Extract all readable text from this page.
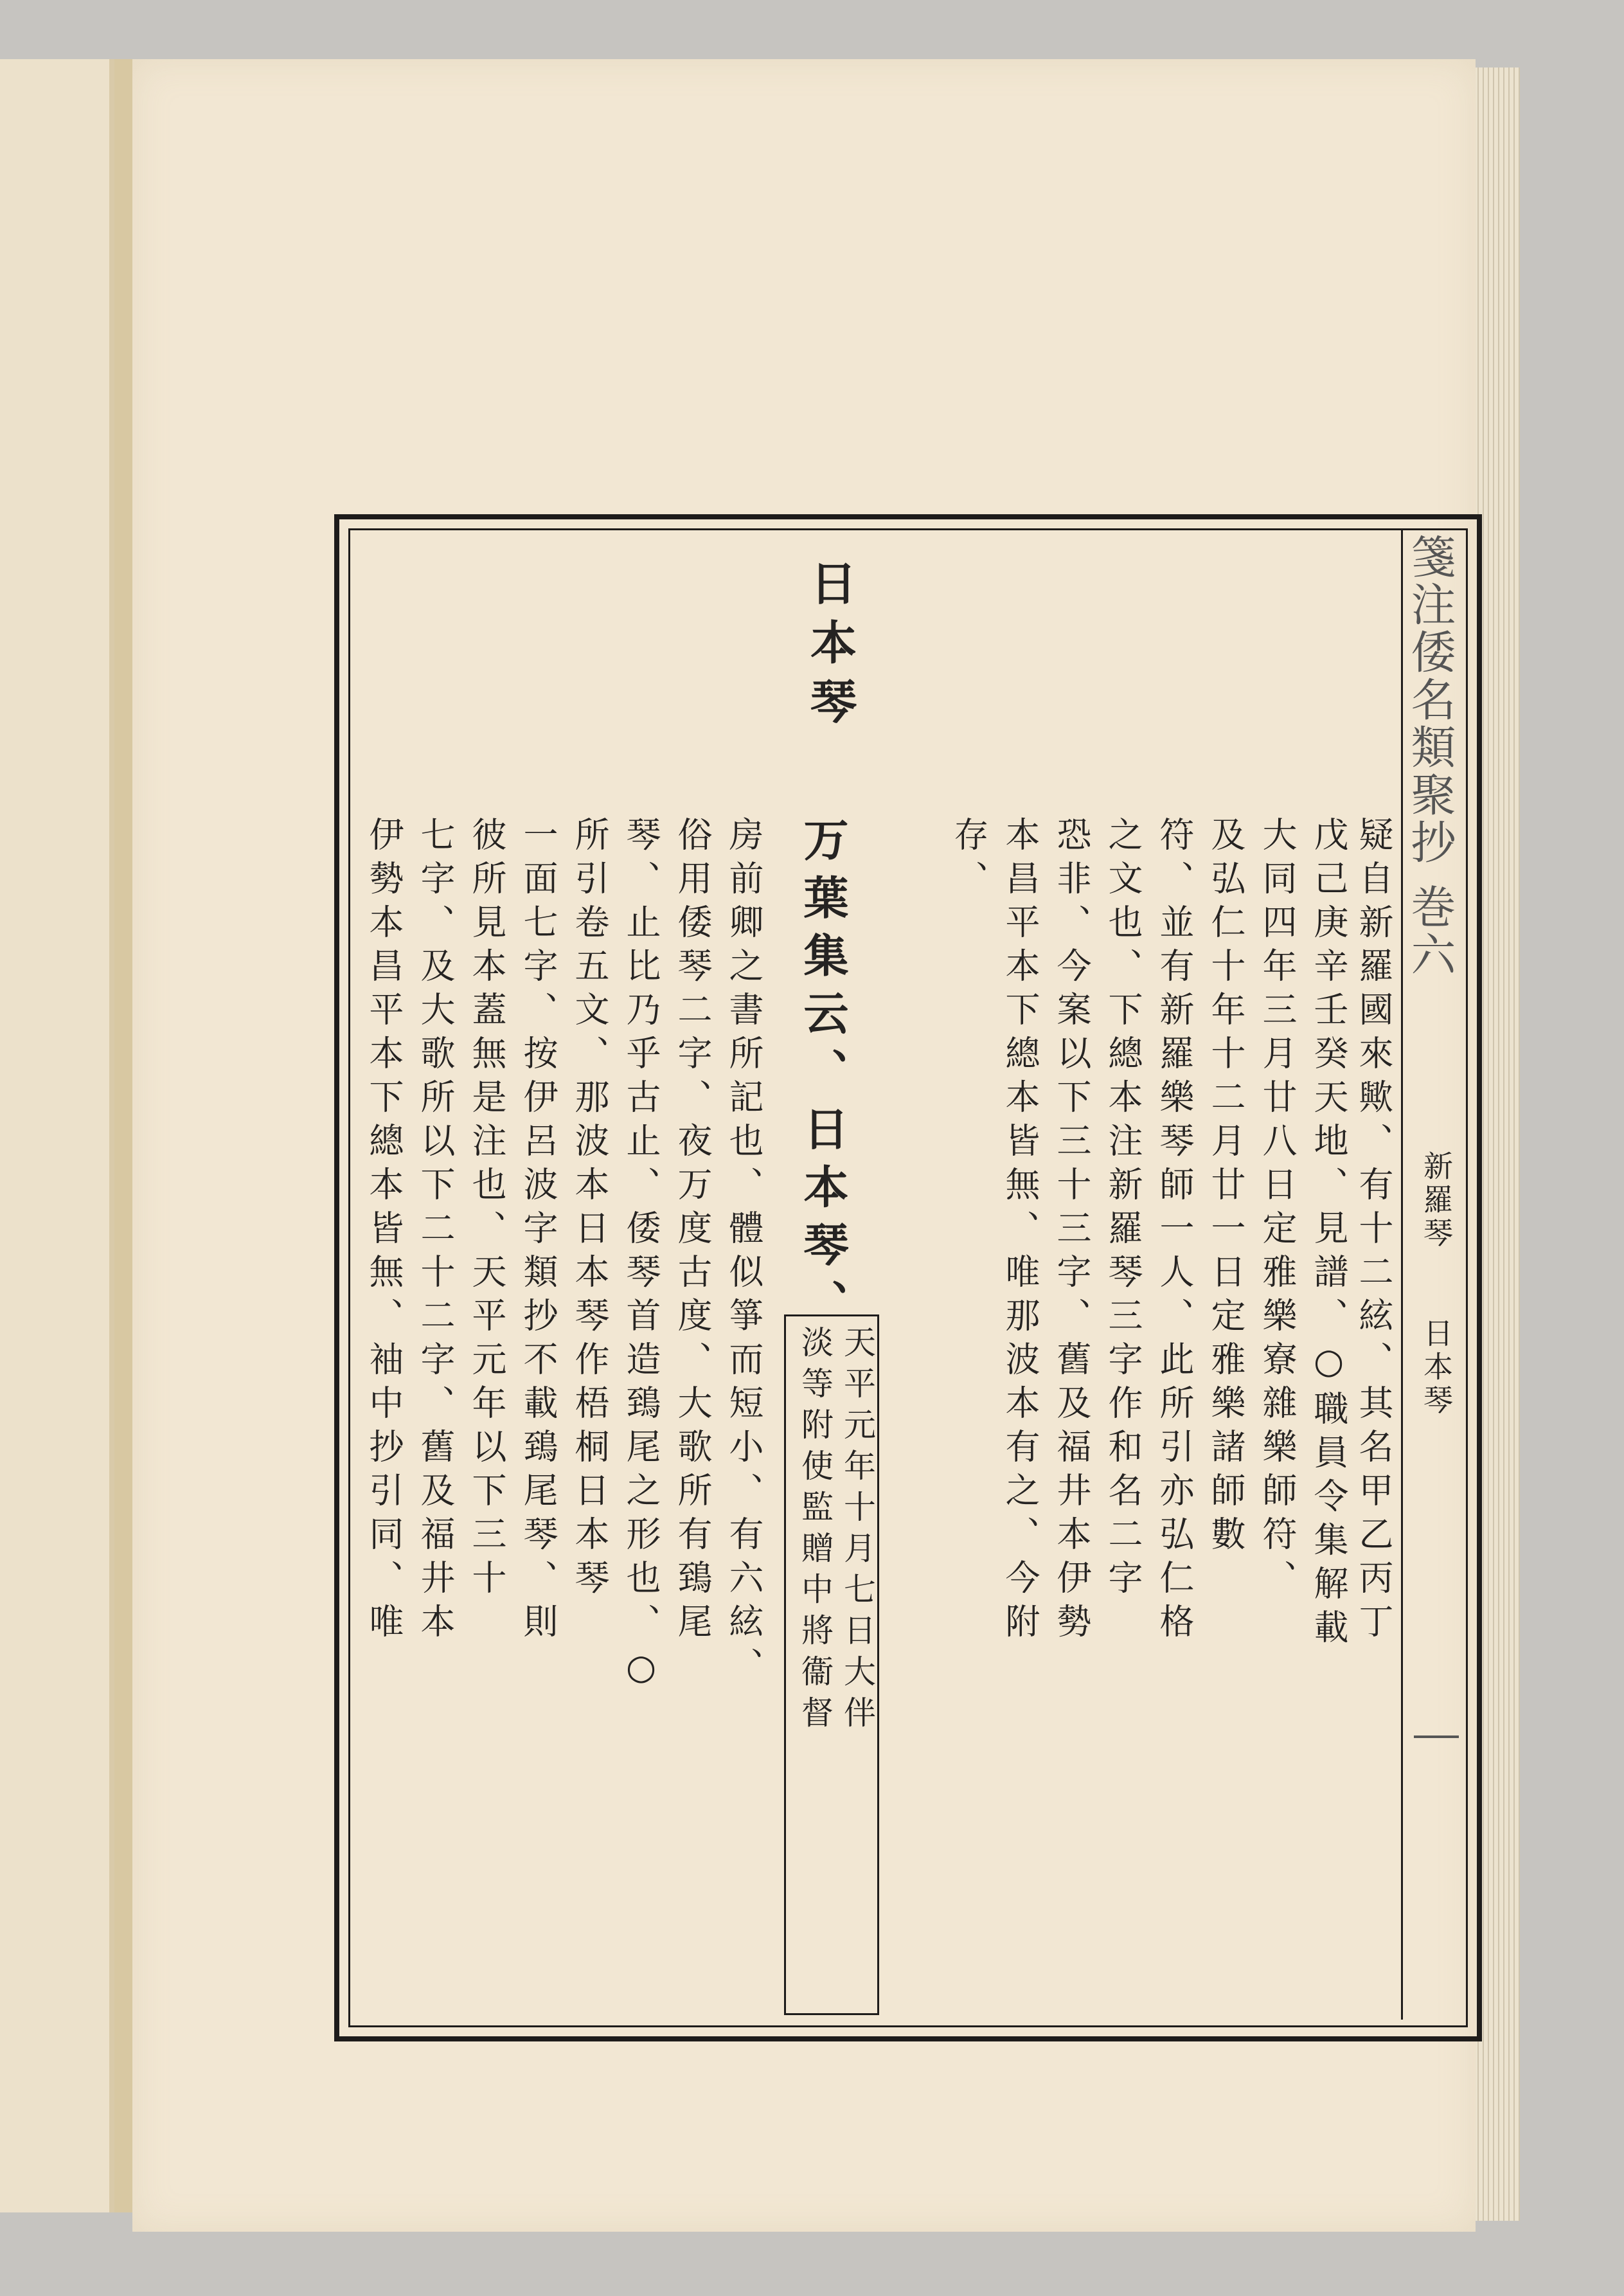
箋注倭名類聚抄 巻六
新羅琴
日本琴
疑自新羅國來歟、有十二絃、其名甲乙丙丁
戊己庚辛壬癸天地、見譜、○職員令集解載
大同四年三月廿八日定雅樂寮雜樂師符、
及弘仁十年十二月廿一日定雅樂諸師數
符、並有新羅樂琴師一人、此所引亦弘仁格
之文也、下總本注新羅琴三字作和名二字
恐非、今案以下三十三字、舊及福井本伊勢
本昌平本下總本皆無、唯那波本有之、今附
存、
日本琴
万葉集云、日本琴、
天平元年十月七日大伴
淡等附使監贈中將衞督
房前卿之書所記也、體似箏而短小、有六絃、
俗用倭琴二字、夜万度古度、大歌所有鵄尾
琴、止比乃乎古止、倭琴首造鵄尾之形也、○
所引卷五文、那波本日本琴作梧桐日本琴
一面七字、按伊呂波字類抄不載鵄尾琴、則
彼所見本蓋無是注也、天平元年以下三十
七字、及大歌所以下二十二字、舊及福井本
伊勢本昌平本下總本皆無、袖中抄引同、唯
